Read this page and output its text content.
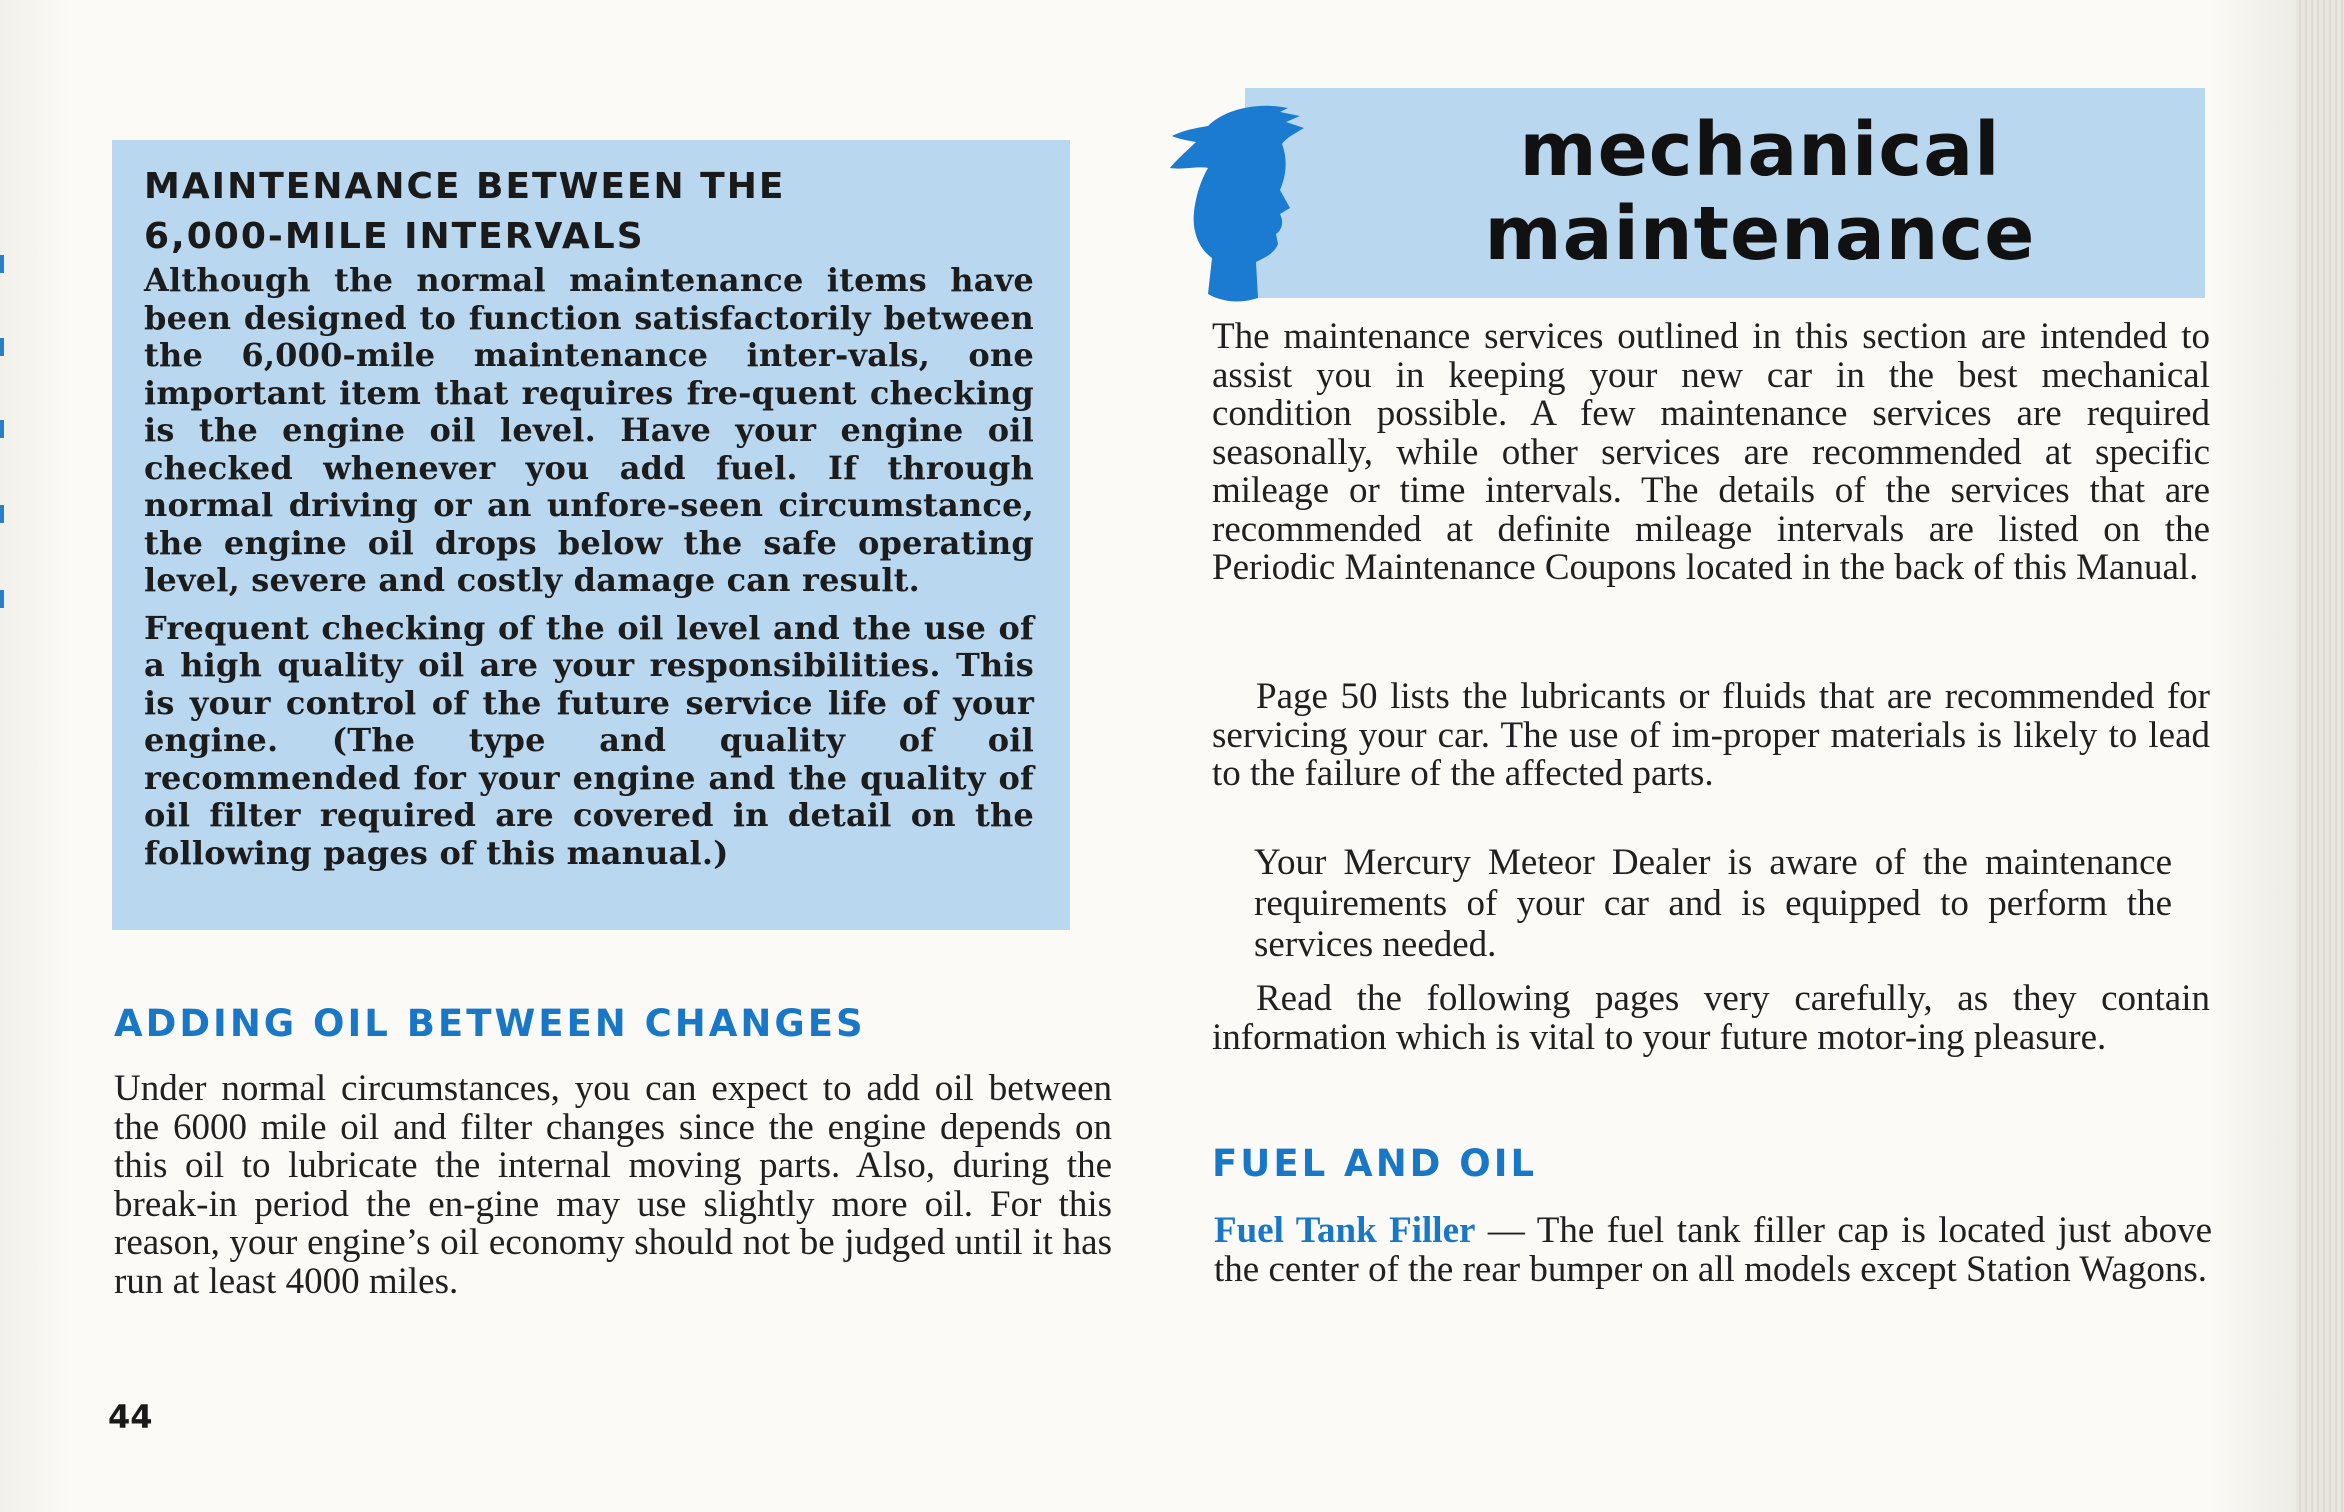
MAINTENANCE BETWEEN THE
6,000-MILE INTERVALS

Although the normal maintenance items have been designed to function satisfactorily between the 6,000-mile maintenance inter-vals, one important item that requires fre-quent checking is the engine oil level. Have your engine oil checked whenever you add fuel. If through normal driving or an unfore-seen circumstance, the engine oil drops below the safe operating level, severe and costly damage can result.

Frequent checking of the oil level and the use of a high quality oil are your responsibilities. This is your control of the future service life of your engine. (The type and quality of oil recommended for your engine and the quality of oil filter required are covered in detail on the following pages of this manual.)

ADDING OIL BETWEEN CHANGES

Under normal circumstances, you can expect to add oil between the 6000 mile oil and filter changes since the engine depends on this oil to lubricate the internal moving parts. Also, during the break-in period the en-gine may use slightly more oil. For this reason, your engine’s oil economy should not be judged until it has run at least 4000 miles.

44
mechanical
maintenance

The maintenance services outlined in this section are intended to assist you in keeping your new car in the best mechanical condition possible. A few maintenance services are required seasonally, while other services are recommended at specific mileage or time intervals. The details of the services that are recommended at definite mileage intervals are listed on the Periodic Maintenance Coupons located in the back of this Manual.

Page 50 lists the lubricants or fluids that are recommended for servicing your car. The use of im-proper materials is likely to lead to the failure of the affected parts.

Your Mercury Meteor Dealer is aware of the maintenance requirements of your car and is equipped to perform the services needed.

Read the following pages very carefully, as they contain information which is vital to your future motor-ing pleasure.

FUEL AND OIL

Fuel Tank Filler — The fuel tank filler cap is located just above the center of the rear bumper on all models except Station Wagons.
